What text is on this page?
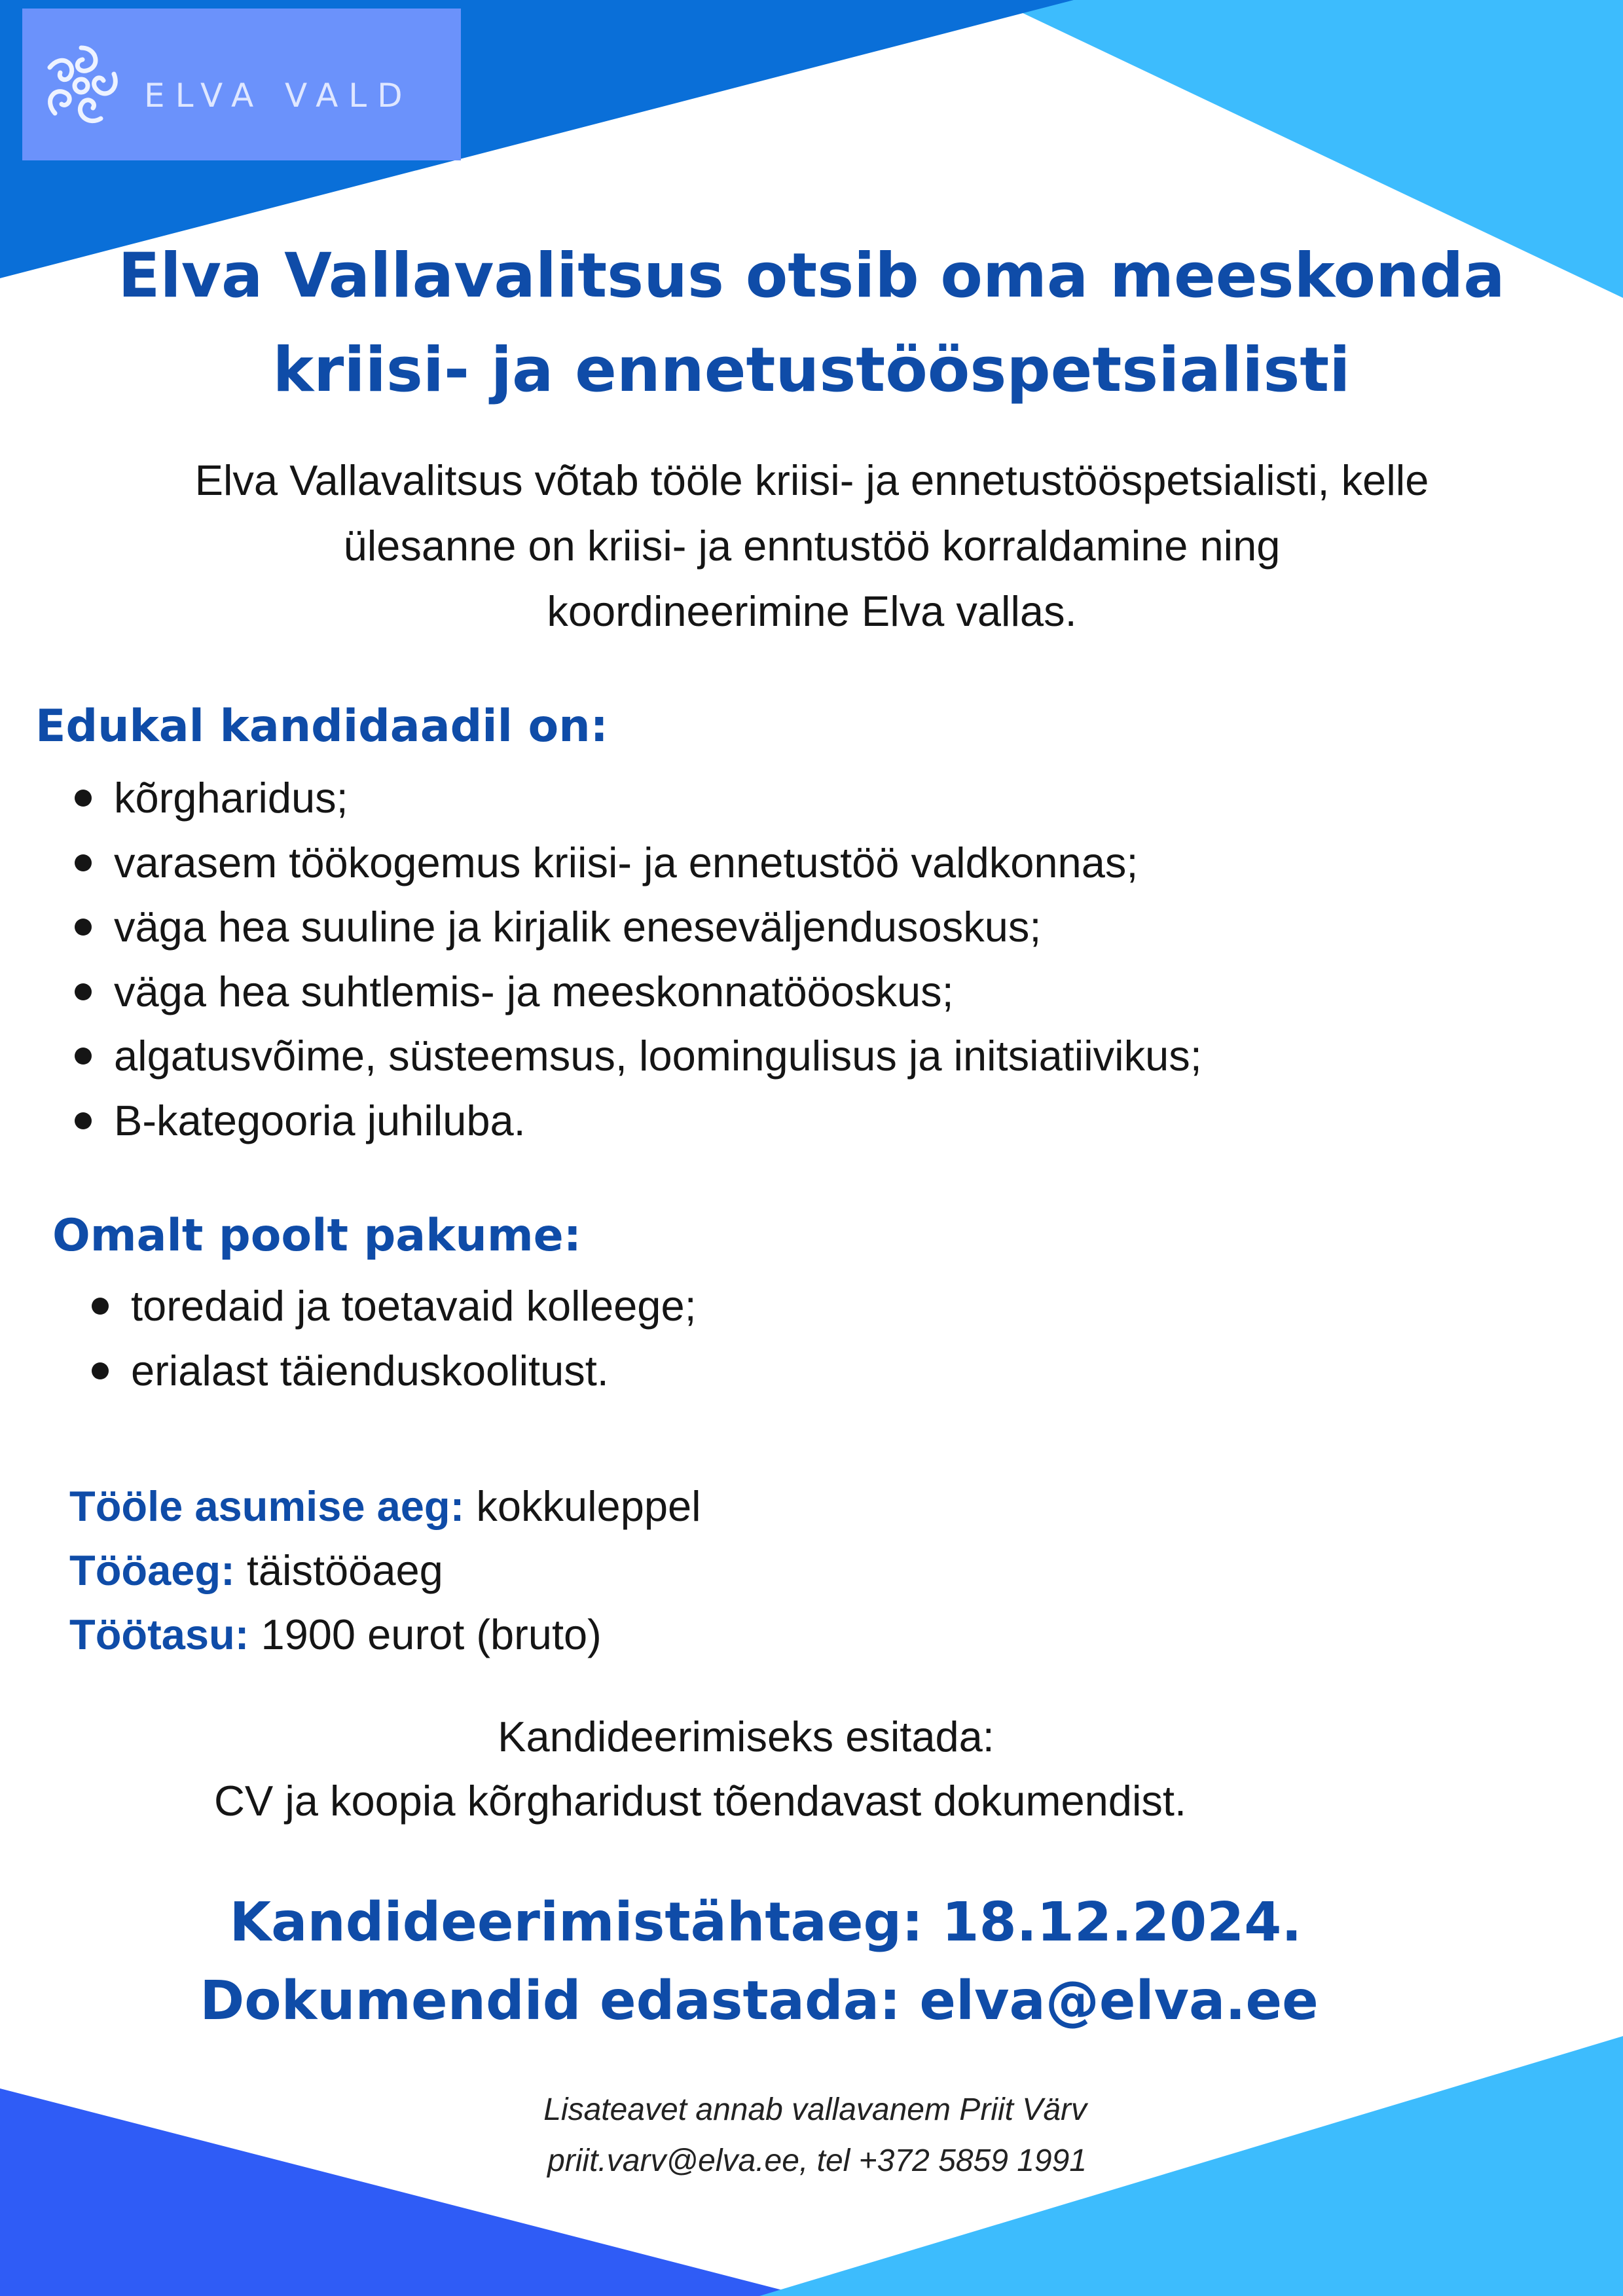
ELVA VALD
Elva Vallavalitsus otsib oma meeskonda
kriisi- ja ennetustööspetsialisti
Elva Vallavalitsus võtab tööle kriisi- ja ennetustööspetsialisti, kelle
ülesanne on kriisi- ja enntustöö korraldamine ning
koordineerimine Elva vallas.
Edukal kandidaadil on:
kõrgharidus;
varasem töökogemus kriisi- ja ennetustöö valdkonnas;
väga hea suuline ja kirjalik eneseväljendusoskus;
väga hea suhtlemis- ja meeskonnatööoskus;
algatusvõime, süsteemsus, loomingulisus ja initsiatiivikus;
B-kategooria juhiluba.
Omalt poolt pakume:
toredaid ja toetavaid kolleege;
erialast täienduskoolitust.
Tööle asumise aeg: kokkuleppel
Tööaeg: täistööaeg
Töötasu: 1900 eurot (bruto)
Kandideerimiseks esitada:
CV ja koopia kõrgharidust tõendavast dokumendist.
Kandideerimistähtaeg: 18.12.2024.
Dokumendid edastada: elva@elva.ee
Lisateavet annab vallavanem Priit Värv
priit.varv@elva.ee, tel +372 5859 1991
